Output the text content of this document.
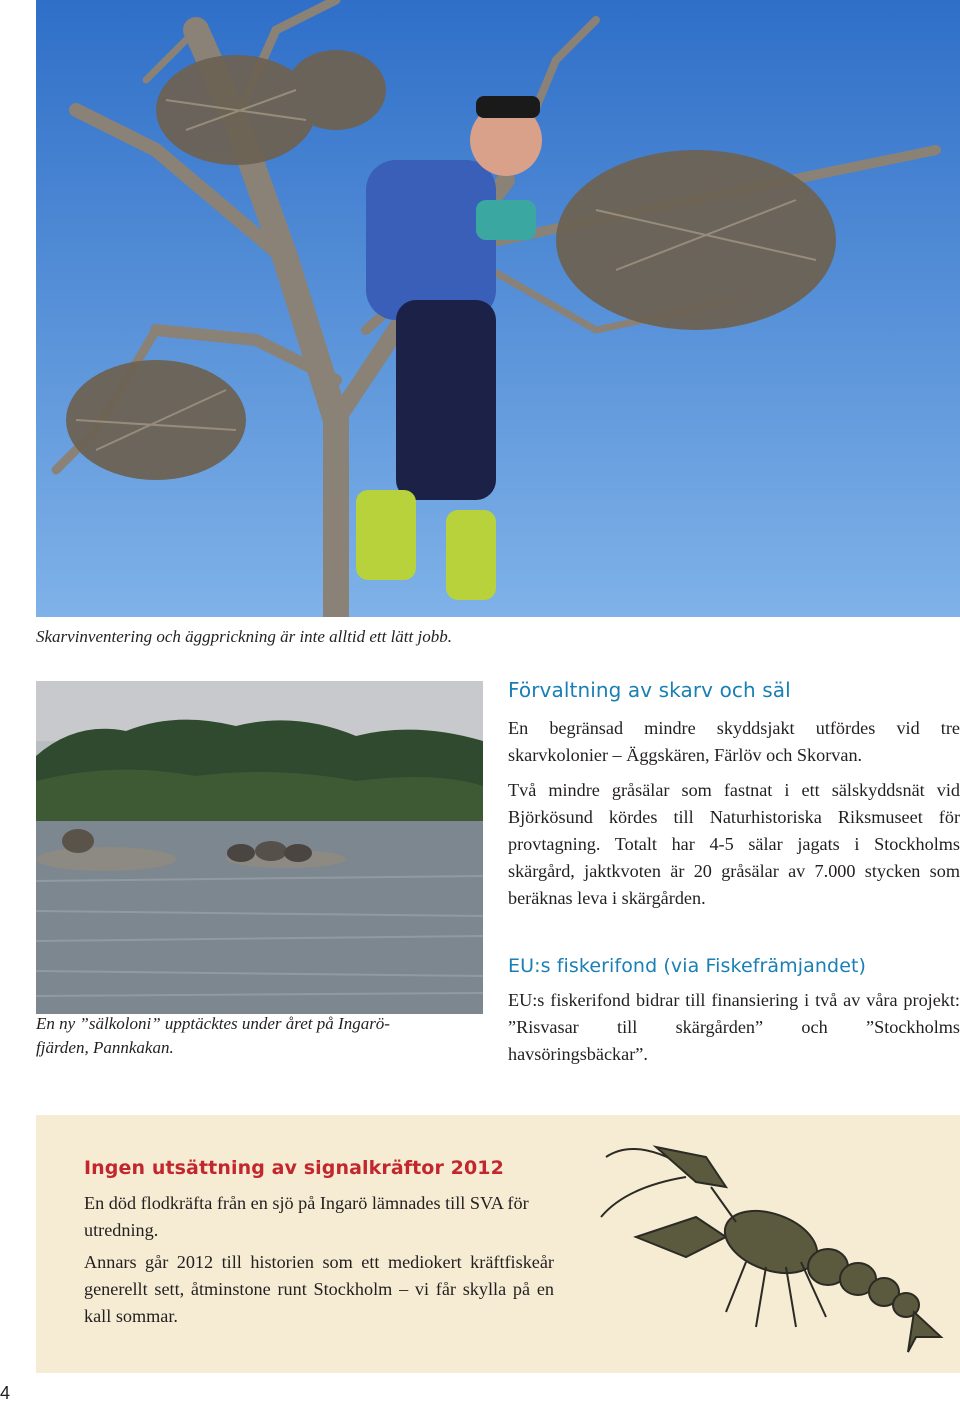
Skarvinventering och äggprickning är inte alltid ett lätt jobb.
En ny ”sälkoloni” upptäcktes under året på Ingarö-
fjärden, Pannkakan.
Förvaltning av skarv och säl
En begränsad mindre skyddsjakt utfördes vid tre skarvkolonier – Äggskären, Färlöv och Skorvan.
Två mindre gråsälar som fastnat i ett sälskyddsnät vid Björkösund kördes till Naturhistoriska Riksmuseet för provtagning. Totalt har 4-5 sälar jagats i Stockholms skärgård, jaktkvoten är 20 gråsälar av 7.000 stycken som beräknas leva i skärgården.
EU:s fiskerifond (via Fiskefrämjandet)
EU:s fiskerifond bidrar till finansiering i två av våra projekt: ”Risvasar till skärgården” och ”Stockholms havsöringsbäckar”.
Ingen utsättning av signalkräftor 2012
En död flodkräfta från en sjö på Ingarö lämnades till SVA för utredning.
Annars går 2012 till historien som ett mediokert kräftfiskeår generellt sett, åtminstone runt Stockholm – vi får skylla på en kall sommar.
4
